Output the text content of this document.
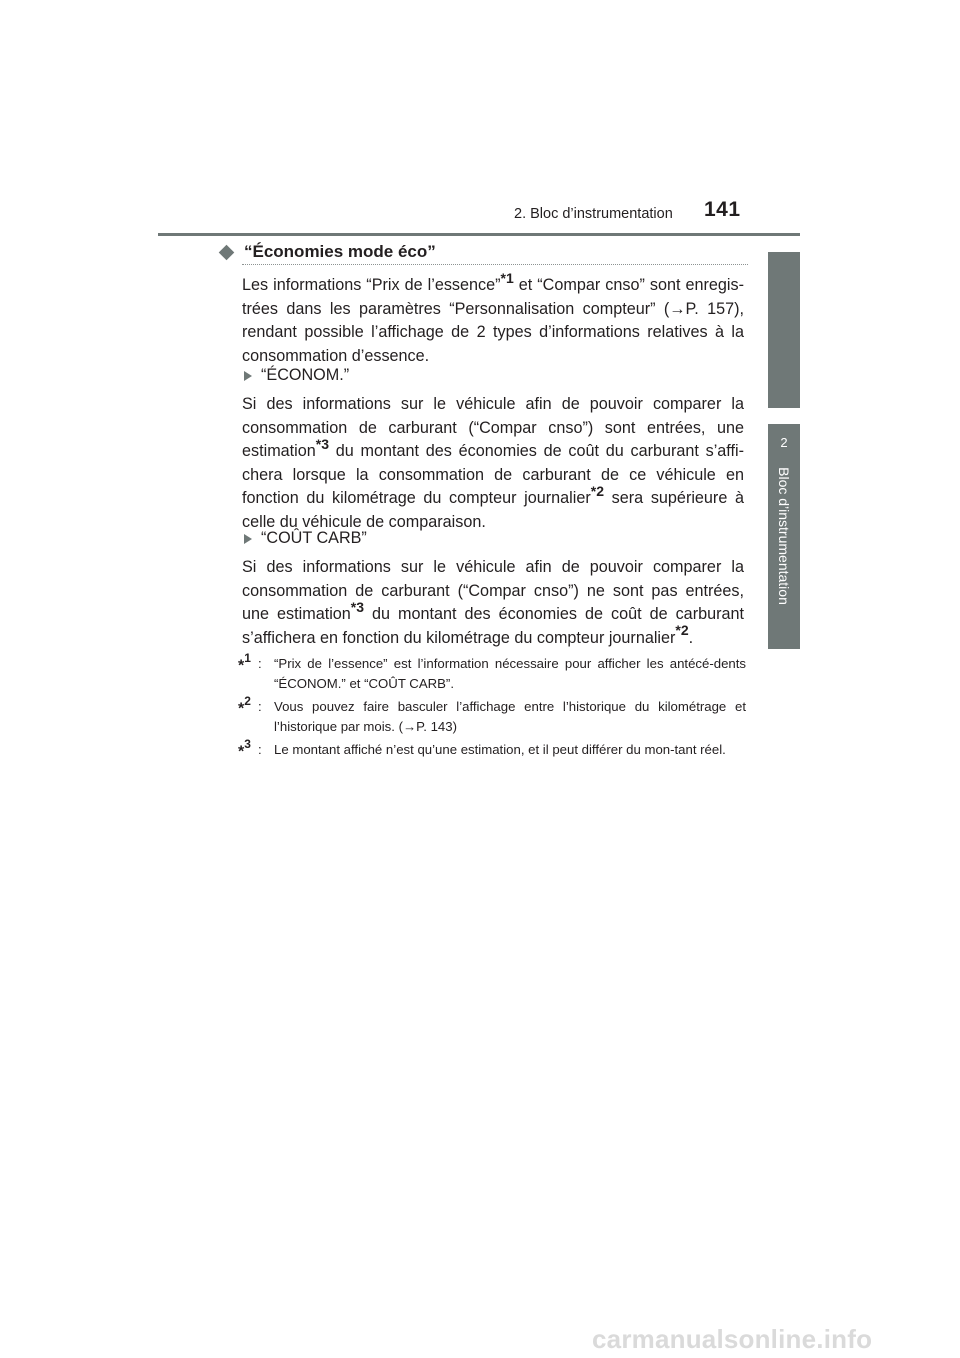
2. Bloc d’instrumentation 141
2
Bloc d’instrumentation
“Économies mode éco”

Les informations “Prix de l’essence”$^{*1}$ et “Compar cnso” sont enregis-trées dans les paramètres “Personnalisation compteur” (→P. 157), rendant possible l’affichage de 2 types d’informations relatives à la consommation d’essence.

“ÉCONOM.”

Si des informations sur le véhicule afin de pouvoir comparer la consommation de carburant (“Compar cnso”) sont entrées, une estimation$^{*3}$ du montant des économies de coût du carburant s’affi-chera lorsque la consommation de carburant de ce véhicule en fonction du kilométrage du compteur journalier$^{*2}$ sera supérieure à celle du véhicule de comparaison.

“COÛT CARB”

Si des informations sur le véhicule afin de pouvoir comparer la consommation de carburant (“Compar cnso”) ne sont pas entrées, une estimation$^{*3}$ du montant des économies de coût de carburant s’affichera en fonction du kilométrage du compteur journalier$^{*2}$.

*$^1$ : “Prix de l’essence” est l’information nécessaire pour afficher les antécé-dents “ÉCONOM.” et “COÛT CARB”.
*$^2$ : Vous pouvez faire basculer l’affichage entre l’historique du kilométrage et l’historique par mois. (→P. 143)
*$^3$ : Le montant affiché n’est qu’une estimation, et il peut différer du mon-tant réel.
carmanualsonline.info
